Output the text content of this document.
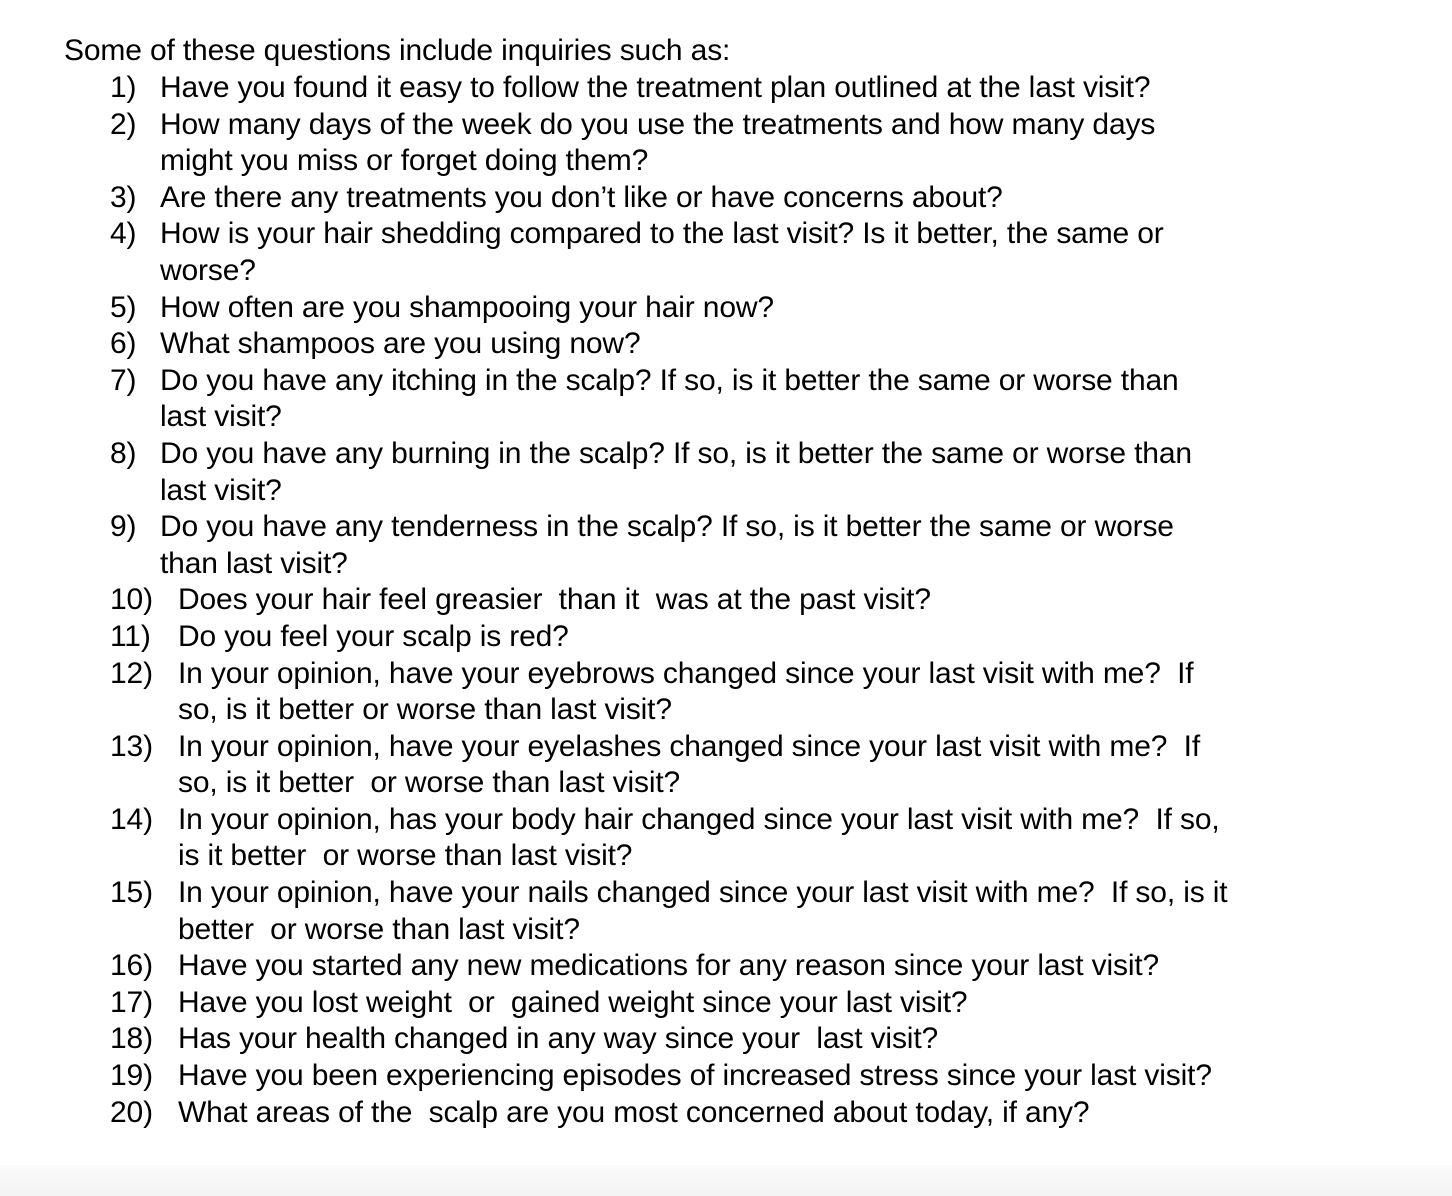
Some of these questions include inquiries such as:
1) Have you found it easy to follow the treatment plan outlined at the last visit?
2) How many days of the week do you use the treatments and how many days
might you miss or forget doing them?
3) Are there any treatments you don’t like or have concerns about?
4) How is your hair shedding compared to the last visit? Is it better, the same or
worse?
5) How often are you shampooing your hair now?
6) What shampoos are you using now?
7) Do you have any itching in the scalp? If so, is it better the same or worse than
last visit?
8) Do you have any burning in the scalp? If so, is it better the same or worse than
last visit?
9) Do you have any tenderness in the scalp? If so, is it better the same or worse
than last visit?
10) Does your hair feel greasier  than it  was at the past visit?
11) Do you feel your scalp is red?
12) In your opinion, have your eyebrows changed since your last visit with me?  If
so, is it better or worse than last visit?
13) In your opinion, have your eyelashes changed since your last visit with me?  If
so, is it better  or worse than last visit?
14) In your opinion, has your body hair changed since your last visit with me?  If so,
is it better  or worse than last visit?
15) In your opinion, have your nails changed since your last visit with me?  If so, is it
better  or worse than last visit?
16) Have you started any new medications for any reason since your last visit?
17) Have you lost weight  or  gained weight since your last visit?
18) Has your health changed in any way since your  last visit?
19) Have you been experiencing episodes of increased stress since your last visit?
20) What areas of the  scalp are you most concerned about today, if any?
